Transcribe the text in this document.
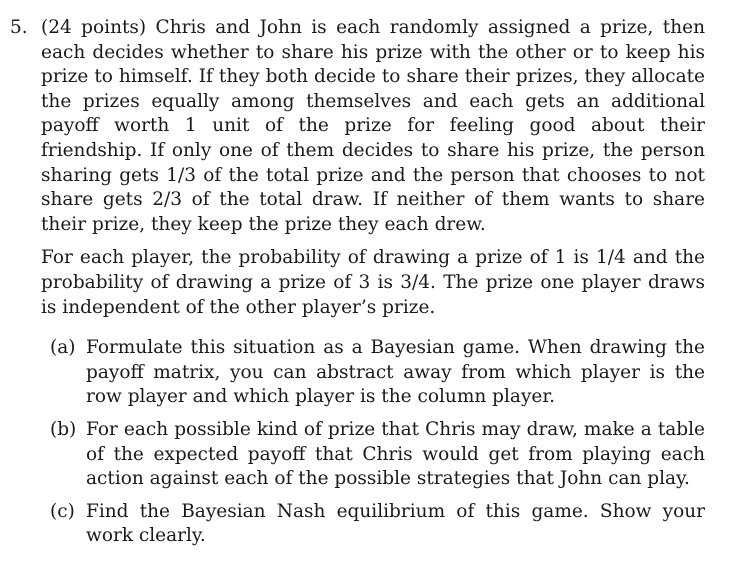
5. (24 points) Chris and John is each randomly assigned a prize, then each decides whether to share his prize with the other or to keep his prize to himself. If they both decide to share their prizes, they allocate the prizes equally among themselves and each gets an additional payoff worth 1 unit of the prize for feeling good about their friendship. If only one of them decides to share his prize, the person sharing gets 1/3 of the total prize and the person that chooses to not share gets 2/3 of the total draw. If neither of them wants to share their prize, they keep the prize they each drew.

For each player, the probability of drawing a prize of 1 is 1/4 and the probability of drawing a prize of 3 is 3/4. The prize one player draws is independent of the other player’s prize.

(a) Formulate this situation as a Bayesian game. When drawing the payoff matrix, you can abstract away from which player is the row player and which player is the column player.
(b) For each possible kind of prize that Chris may draw, make a table of the expected payoff that Chris would get from playing each action against each of the possible strategies that John can play.
(c) Find the Bayesian Nash equilibrium of this game. Show your work clearly.
